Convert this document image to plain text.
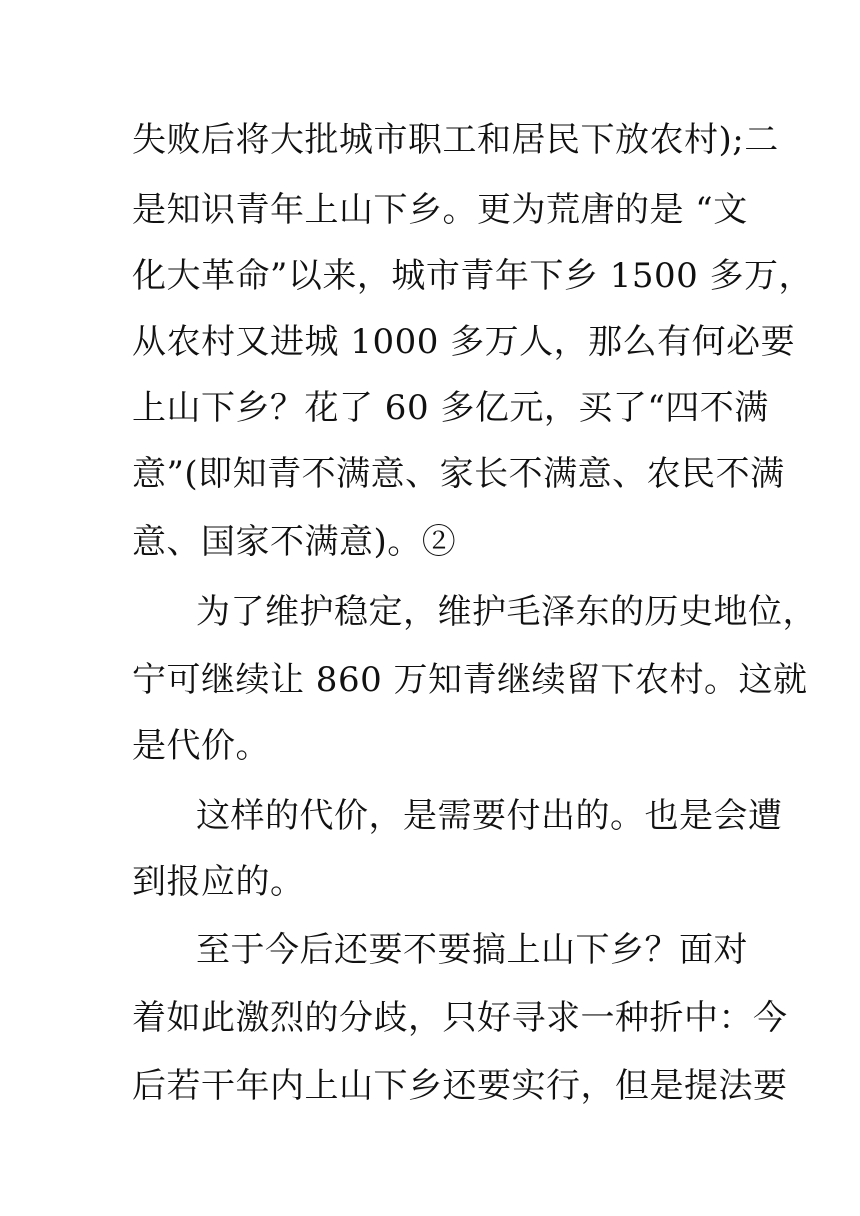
失败后将大批城市职工和居民下放农村);二
是知识青年上山下乡。更为荒唐的是 “文
化大革命”以来，城市青年下乡 1500 多万，
从农村又进城 1000 多万人，那么有何必要
上山下乡？花了 60 多亿元，买了“四不满
意”(即知青不满意、家长不满意、农民不满
意、国家不满意)。②
为了维护稳定，维护毛泽东的历史地位，
宁可继续让 860 万知青继续留下农村。这就
是代价。
这样的代价，是需要付出的。也是会遭
到报应的。
至于今后还要不要搞上山下乡？面对
着如此激烈的分歧，只好寻求一种折中：今
后若干年内上山下乡还要实行，但是提法要
